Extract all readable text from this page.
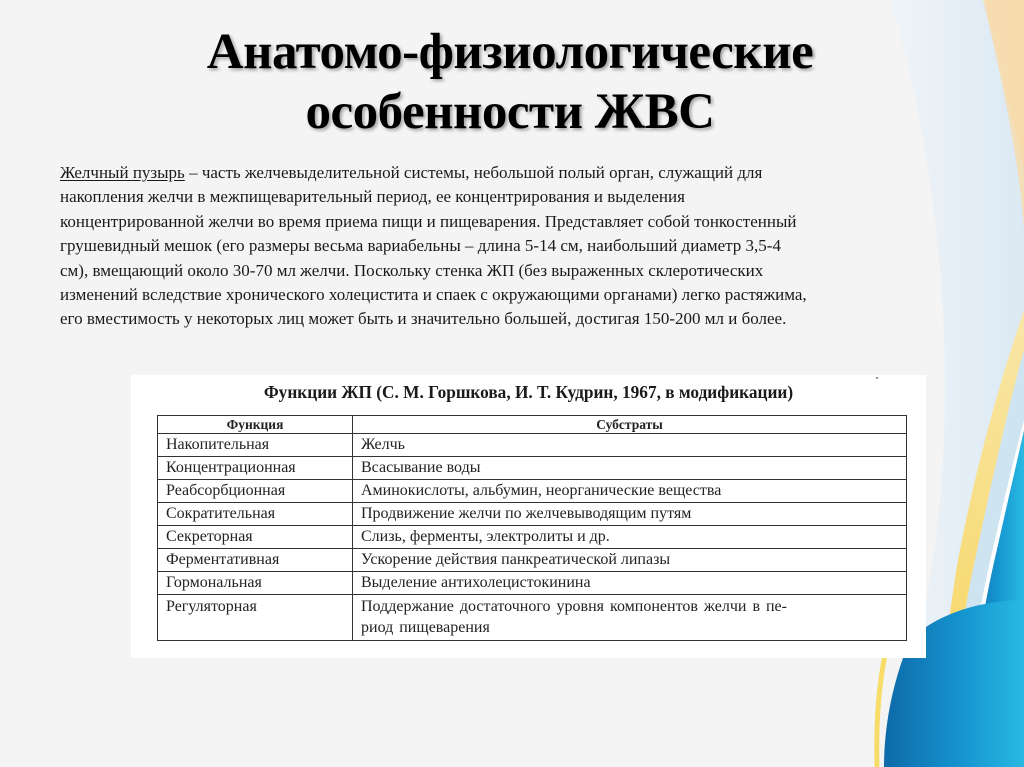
Анатомо-физиологические
особенности ЖВС

Желчный пузырь – часть желчевыделительной системы, небольшой полый орган, служащий для
накопления желчи в межпищеварительный период, ее концентрирования и выделения
концентрированной желчи во время приема пищи и пищеварения. Представляет собой тонкостенный
грушевидный мешок (его размеры весьма вариабельны – длина 5-14 см, наибольший диаметр 3,5-4
см), вмещающий около 30-70 мл желчи. Поскольку стенка ЖП (без выраженных склеротических
изменений вследствие хронического холецистита и спаек с окружающими органами) легко растяжима,
его вместимость у некоторых лиц может быть и значительно большей, достигая 150-200 мл и более.

Функции ЖП (С. М. Горшкова, И. Т. Кудрин, 1967, в модификации)

Функция	Субстраты
Накопительная	Желчь
Концентрационная	Всасывание воды
Реабсорбционная	Аминокислоты, альбумин, неорганические вещества
Сократительная	Продвижение желчи по желчевыводящим путям
Секреторная	Слизь, ферменты, электролиты и др.
Ферментативная	Ускорение действия панкреатической липазы
Гормональная	Выделение антихолецистокинина
Регуляторная	Поддержание достаточного уровня компонентов желчи в пе-
риод пищеварения
